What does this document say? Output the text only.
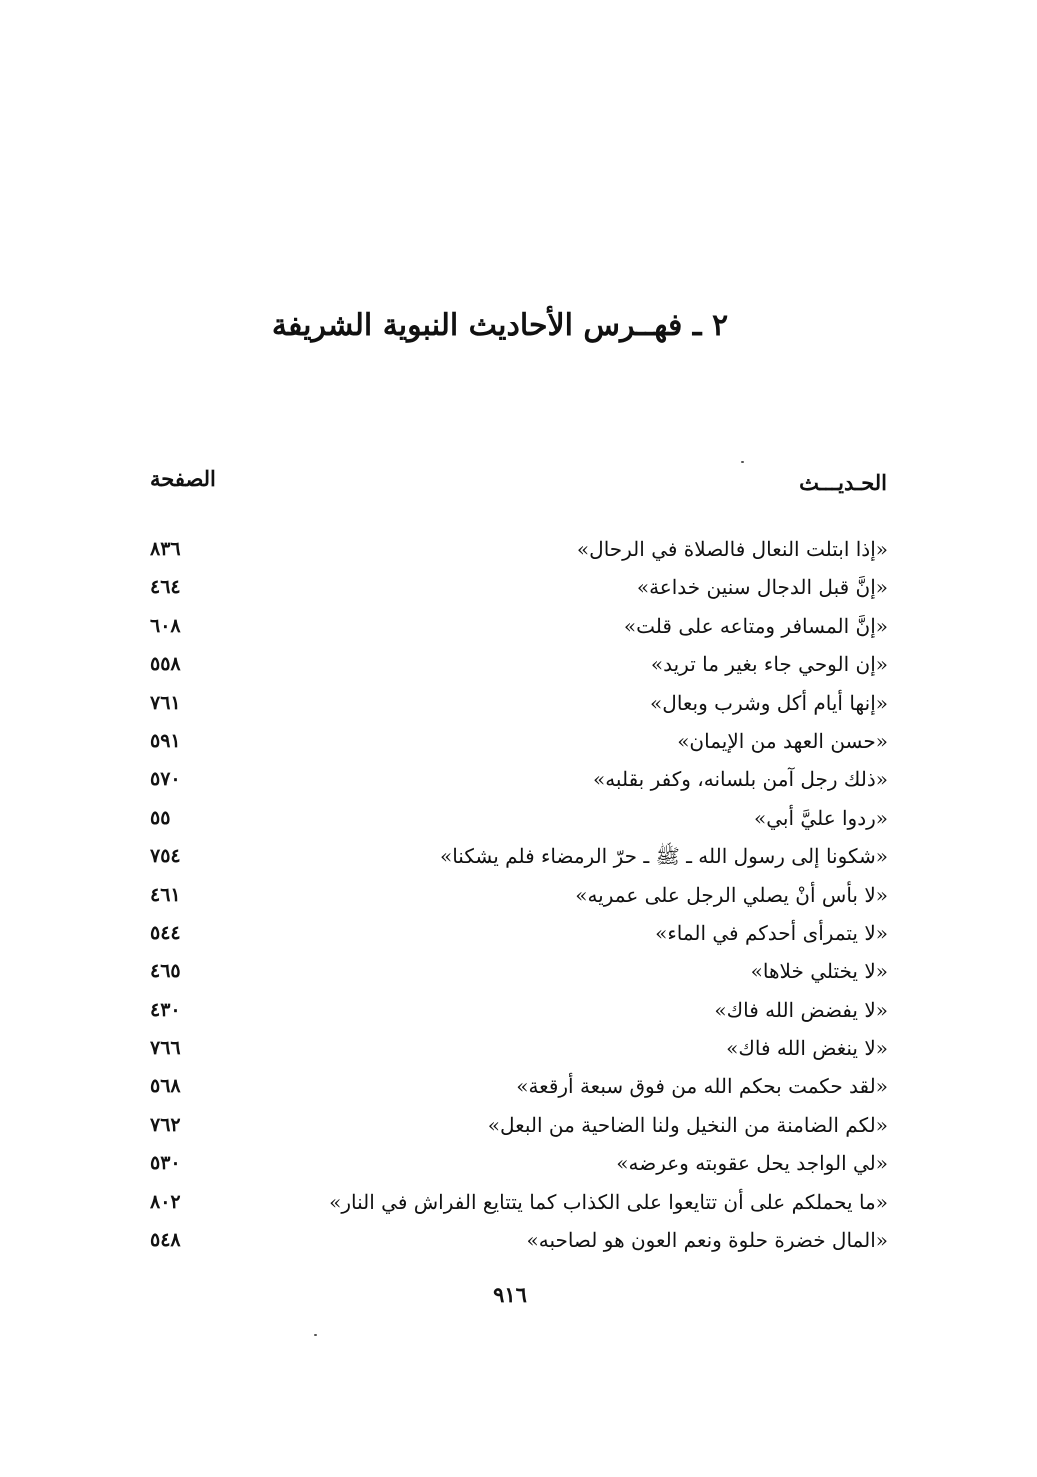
٢ ـ فهــرس الأحاديث النبوية الشريفة
الحـديـــث
الصفحة
«إذا ابتلت النعال فالصلاة في الرحال»
٨٣٦
«إنَّ قبل الدجال سنين خداعة»
٤٦٤
«إنَّ المسافر ومتاعه على قلت»
٦٠٨
«إن الوحي جاء بغير ما تريد»
٥٥٨
«إنها أيام أكل وشرب وبعال»
٧٦١
«حسن العهد من الإيمان»
٥٩١
«ذلك رجل آمن بلسانه، وكفر بقلبه»
٥٧٠
«ردوا عليَّ أبي»
٥٥
«شكونا إلى رسول الله ـ ﷺ ـ حرّ الرمضاء فلم يشكنا»
٧٥٤
«لا بأس أنْ يصلي الرجل على عمريه»
٤٦١
«لا يتمرأى أحدكم في الماء»
٥٤٤
«لا يختلي خلاها»
٤٦٥
«لا يفضض الله فاك»
٤٣٠
«لا ينغض الله فاك»
٧٦٦
«لقد حكمت بحكم الله من فوق سبعة أرقعة»
٥٦٨
«لكم الضامنة من النخيل ولنا الضاحية من البعل»
٧٦٢
«لي الواجد يحل عقوبته وعرضه»
٥٣٠
«ما يحملكم على أن تتايعوا على الكذاب كما يتتايع الفراش في النار»
٨٠٢
«المال خضرة حلوة ونعم العون هو لصاحبه»
٥٤٨
٩١٦
